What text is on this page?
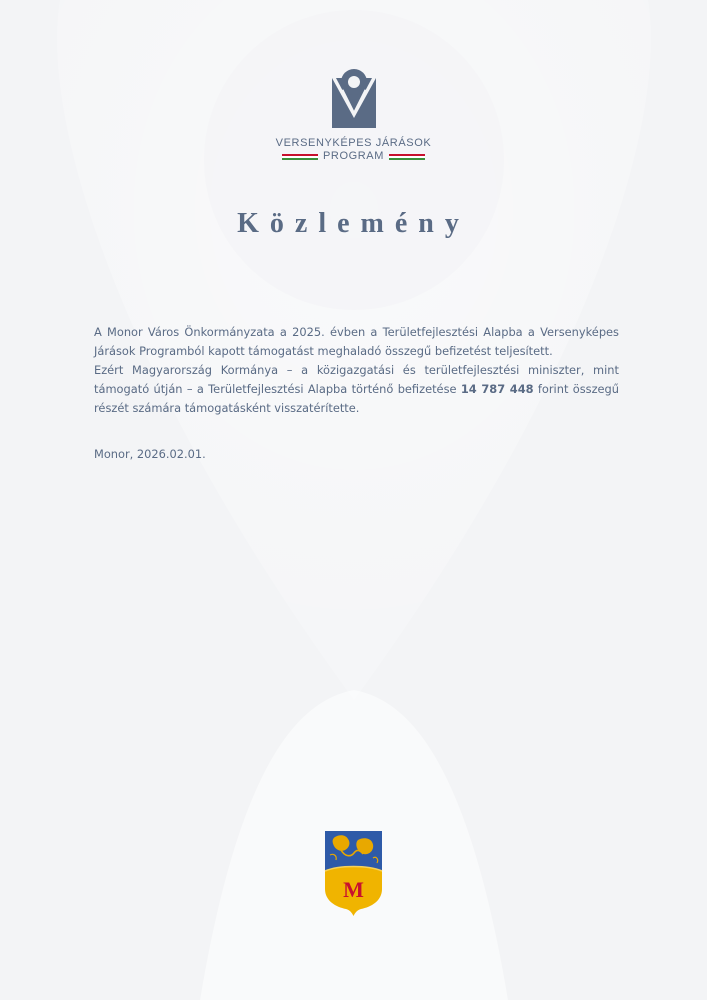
VERSENYKÉPES JÁRÁSOK
PROGRAM
Közlemény

A Monor Város Önkormányzata a 2025. évben a Területfejlesztési Alapba a Versenyképes Járások Programból kapott támogatást meghaladó összegű befizetést teljesített.

Ezért Magyarország Kormánya – a közigazgatási és területfejlesztési miniszter, mint támogató útján – a Területfejlesztési Alapba történő befizetése 14 787 448 forint összegű részét számára támogatásként visszatérítette.

Monor, 2026.02.01.
M
